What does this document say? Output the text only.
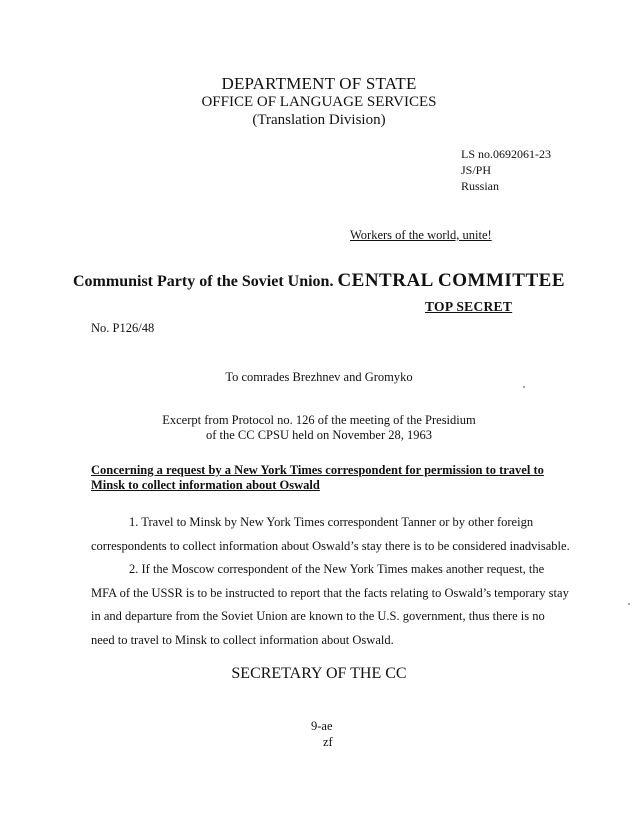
DEPARTMENT OF STATE
OFFICE OF LANGUAGE SERVICES
(Translation Division)
LS no.0692061-23
JS/PH
Russian
Workers of the world, unite!
Communist Party of the Soviet Union. CENTRAL COMMITTEE
TOP SECRET
No. P126/48
To comrades Brezhnev and Gromyko
Excerpt from Protocol no. 126 of the meeting of the Presidium
of the CC CPSU held on November 28, 1963
Concerning a request by a New York Times correspondent for permission to travel to Minsk to collect information about Oswald

1. Travel to Minsk by New York Times correspondent Tanner or by other foreign correspondents to collect information about Oswald’s stay there is to be considered inadvisable.

2. If the Moscow correspondent of the New York Times makes another request, the MFA of the USSR is to be instructed to report that the facts relating to Oswald’s temporary stay in and departure from the Soviet Union are known to the U.S. government, thus there is no need to travel to Minsk to collect information about Oswald.

SECRETARY OF THE CC
9-ae
zf
